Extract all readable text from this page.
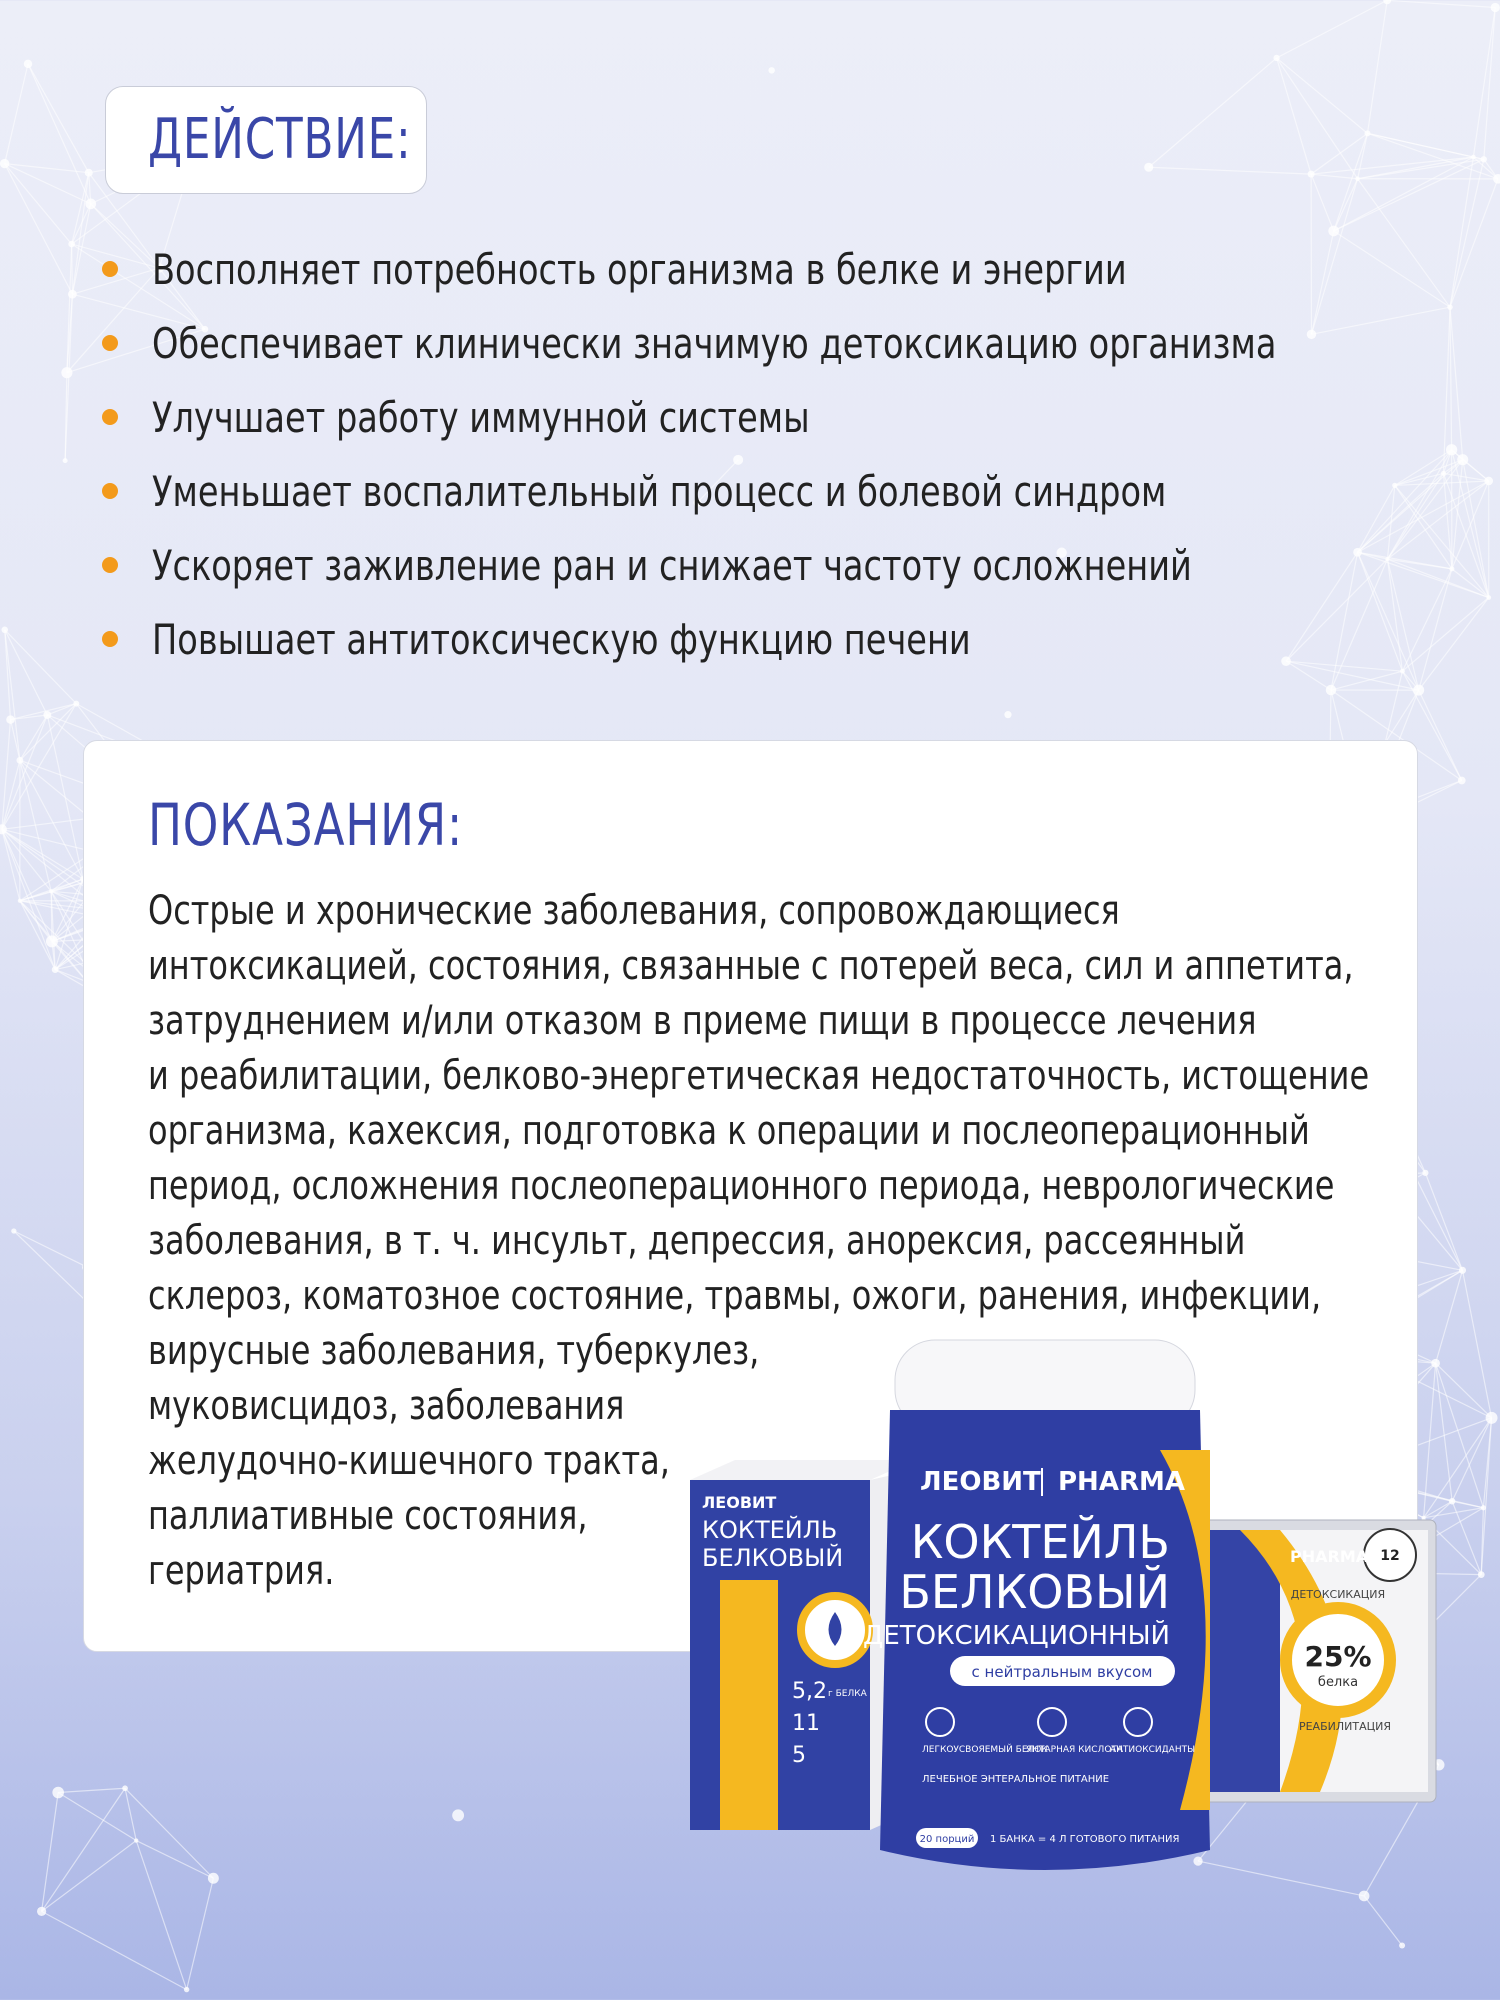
ДЕЙСТВИЕ:
Восполняет потребность организма в белке и энергии
Обеспечивает клинически значимую детоксикацию организма
Улучшает работу иммунной системы
Уменьшает воспалительный процесс и болевой синдром
Ускоряет заживление ран и снижает частоту осложнений
Повышает антитоксическую функцию печени
ПОКАЗАНИЯ:
Острые и хронические заболевания, сопровождающиеся
интоксикацией, состояния, связанные с потерей веса, сил и аппетита,
затруднением и/или отказом в приеме пищи в процессе лечения
и реабилитации, белково-энергетическая недостаточность, истощение
организма, кахексия, подготовка к операции и послеоперационный
период, осложнения послеоперационного периода, неврологические
заболевания, в т. ч. инсульт, депрессия, анорексия, рассеянный
склероз, коматозное состояние, травмы, ожоги, ранения, инфекции,
вирусные заболевания, туберкулез,
муковисцидоз, заболевания
желудочно-кишечного тракта,
паллиативные состояния,
гериатрия.
25%
белка
ДЕТОКСИКАЦИЯ
РЕАБИЛИТАЦИЯ
12
PHARMA
ЛЕОВИТ
КОКТЕЙЛЬ
БЕЛКОВЫЙ
5,2 г БЕЛКА
11
5
ЛЕОВИТ PHARMA
КОКТЕЙЛЬ
БЕЛКОВЫЙ
ДЕТОКСИКАЦИОННЫЙ
с нейтральным вкусом
ЛЕГКОУСВОЯЕМЫЙ БЕЛОК
ЯНТАРНАЯ КИСЛОТА
АНТИОКСИДАНТЫ
ЛЕЧЕБНОЕ ЭНТЕРАЛЬНОЕ ПИТАНИЕ
20 порций 1 БАНКА = 4 Л ГОТОВОГО ПИТАНИЯ
